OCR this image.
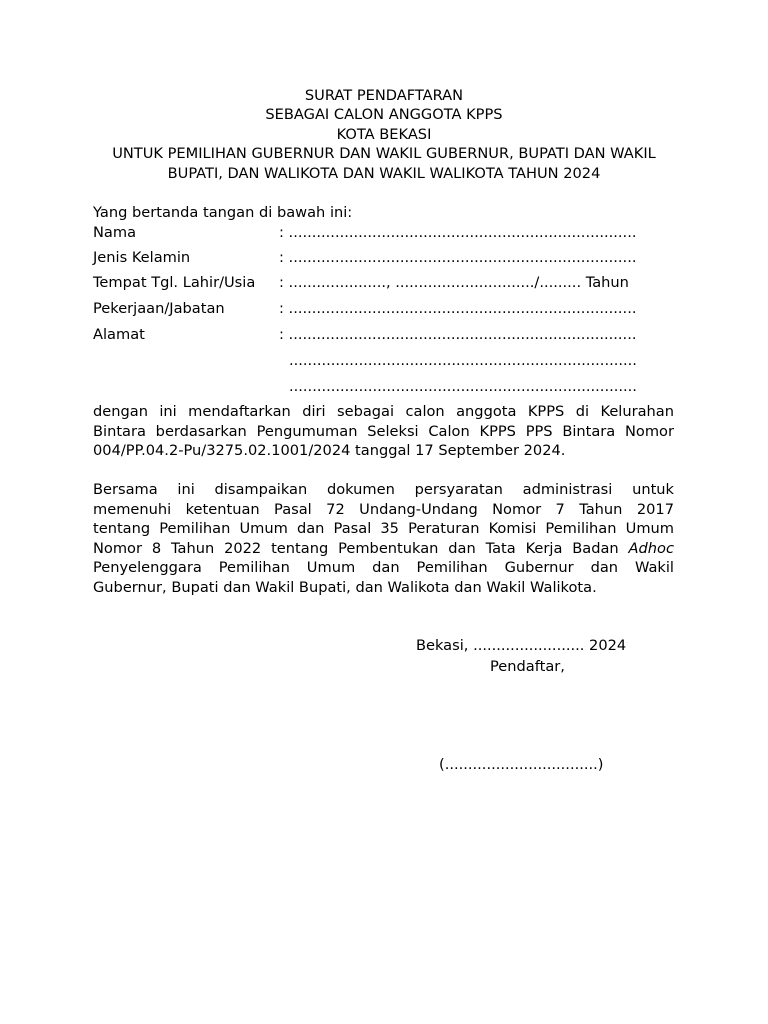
SURAT PENDAFTARAN
SEBAGAI CALON ANGGOTA KPPS
KOTA BEKASI
UNTUK PEMILIHAN GUBERNUR DAN WAKIL GUBERNUR, BUPATI DAN WAKIL
BUPATI, DAN WALIKOTA DAN WAKIL WALIKOTA TAHUN 2024
Yang bertanda tangan di bawah ini:
Nama	: ...........................................................................
Jenis Kelamin	: ...........................................................................
Tempat Tgl. Lahir/Usia : ....................., ............................../......... Tahun
Pekerjaan/Jabatan	: ...........................................................................
Alamat	: ...........................................................................
...........................................................................
...........................................................................
dengan ini mendaftarkan diri sebagai calon anggota KPPS di Kelurahan
Bintara berdasarkan Pengumuman Seleksi Calon KPPS PPS Bintara Nomor
004/PP.04.2-Pu/3275.02.1001/2024 tanggal 17 September 2024.
Bersama ini disampaikan dokumen persyaratan administrasi untuk
memenuhi ketentuan Pasal 72 Undang-Undang Nomor 7 Tahun 2017
tentang Pemilihan Umum dan Pasal 35 Peraturan Komisi Pemilihan Umum
Nomor 8 Tahun 2022 tentang Pembentukan dan Tata Kerja Badan Adhoc
Penyelenggara Pemilihan Umum dan Pemilihan Gubernur dan Wakil
Gubernur, Bupati dan Wakil Bupati, dan Walikota dan Wakil Walikota.
Bekasi, ........................ 2024
Pendaftar,
(.................................)
